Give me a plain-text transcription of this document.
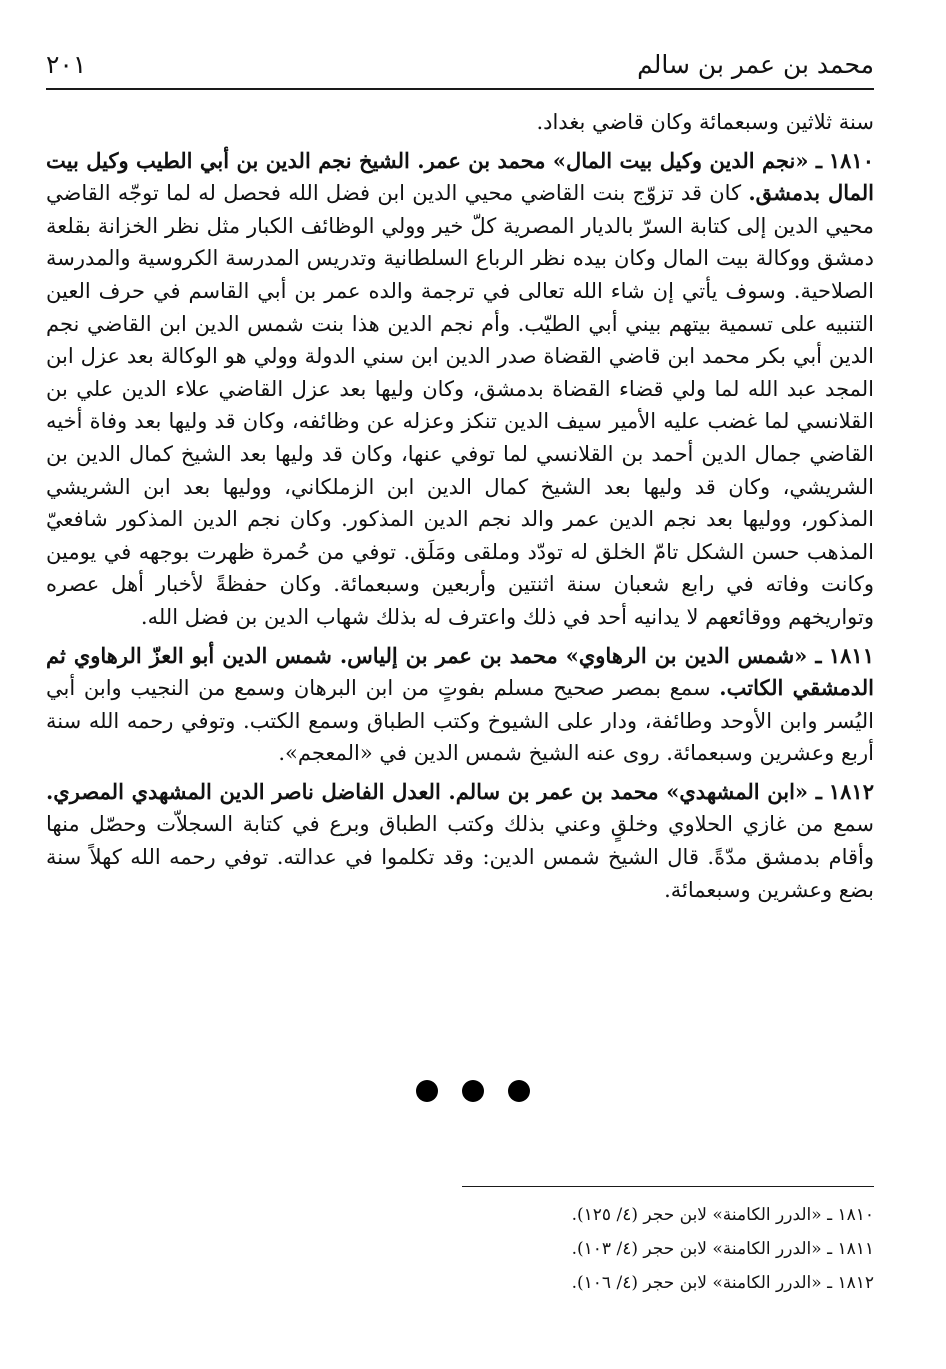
محمد بن عمر بن سالم
٢٠١

سنة ثلاثين وسبعمائة وكان قاضي بغداد.

١٨١٠ ـ «نجم الدين وكيل بيت المال» محمد بن عمر. الشيخ نجم الدين بن أبي الطيب وكيل بيت المال بدمشق. كان قد تزوّج بنت القاضي محيي الدين ابن فضل الله فحصل له لما توجّه القاضي محيي الدين إلى كتابة السرّ بالديار المصرية كلّ خير وولي الوظائف الكبار مثل نظر الخزانة بقلعة دمشق ووكالة بيت المال وكان بيده نظر الرباع السلطانية وتدريس المدرسة الكروسية والمدرسة الصلاحية. وسوف يأتي إن شاء الله تعالى في ترجمة والده عمر بن أبي القاسم في حرف العين التنبيه على تسمية بيتهم بيني أبي الطيّب. وأم نجم الدين هذا بنت شمس الدين ابن القاضي نجم الدين أبي بكر محمد ابن قاضي القضاة صدر الدين ابن سني الدولة وولي هو الوكالة بعد عزل ابن المجد عبد الله لما ولي قضاء القضاة بدمشق، وكان وليها بعد عزل القاضي علاء الدين علي بن القلانسي لما غضب عليه الأمير سيف الدين تنكز وعزله عن وظائفه، وكان قد وليها بعد وفاة أخيه القاضي جمال الدين أحمد بن القلانسي لما توفي عنها، وكان قد وليها بعد الشيخ كمال الدين بن الشريشي، وكان قد وليها بعد الشيخ كمال الدين ابن الزملكاني، ووليها بعد ابن الشريشي المذكور، ووليها بعد نجم الدين عمر والد نجم الدين المذكور. وكان نجم الدين المذكور شافعيّ المذهب حسن الشكل تامّ الخلق له تودّد وملقى ومَلَق. توفي من حُمرة ظهرت بوجهه في يومين وكانت وفاته في رابع شعبان سنة اثنتين وأربعين وسبعمائة. وكان حفظةً لأخبار أهل عصره وتواريخهم ووقائعهم لا يدانيه أحد في ذلك واعترف له بذلك شهاب الدين بن فضل الله.

١٨١١ ـ «شمس الدين بن الرهاوي» محمد بن عمر بن إلياس. شمس الدين أبو العزّ الرهاوي ثم الدمشقي الكاتب. سمع بمصر صحيح مسلم بفوتٍ من ابن البرهان وسمع من النجيب وابن أبي اليُسر وابن الأوحد وطائفة، ودار على الشيوخ وكتب الطباق وسمع الكتب. وتوفي رحمه الله سنة أربع وعشرين وسبعمائة. روى عنه الشيخ شمس الدين في «المعجم».

١٨١٢ ـ «ابن المشهدي» محمد بن عمر بن سالم. العدل الفاضل ناصر الدين المشهدي المصري. سمع من غازي الحلاوي وخلقٍ وعني بذلك وكتب الطباق وبرع في كتابة السجلاّت وحصّل منها وأقام بدمشق مدّةً. قال الشيخ شمس الدين: وقد تكلموا في عدالته. توفي رحمه الله كهلاً سنة بضع وعشرين وسبعمائة.

١٨١٠ ـ «الدرر الكامنة» لابن حجر (٤/ ١٢٥).
١٨١١ ـ «الدرر الكامنة» لابن حجر (٤/ ١٠٣).
١٨١٢ ـ «الدرر الكامنة» لابن حجر (٤/ ١٠٦).
